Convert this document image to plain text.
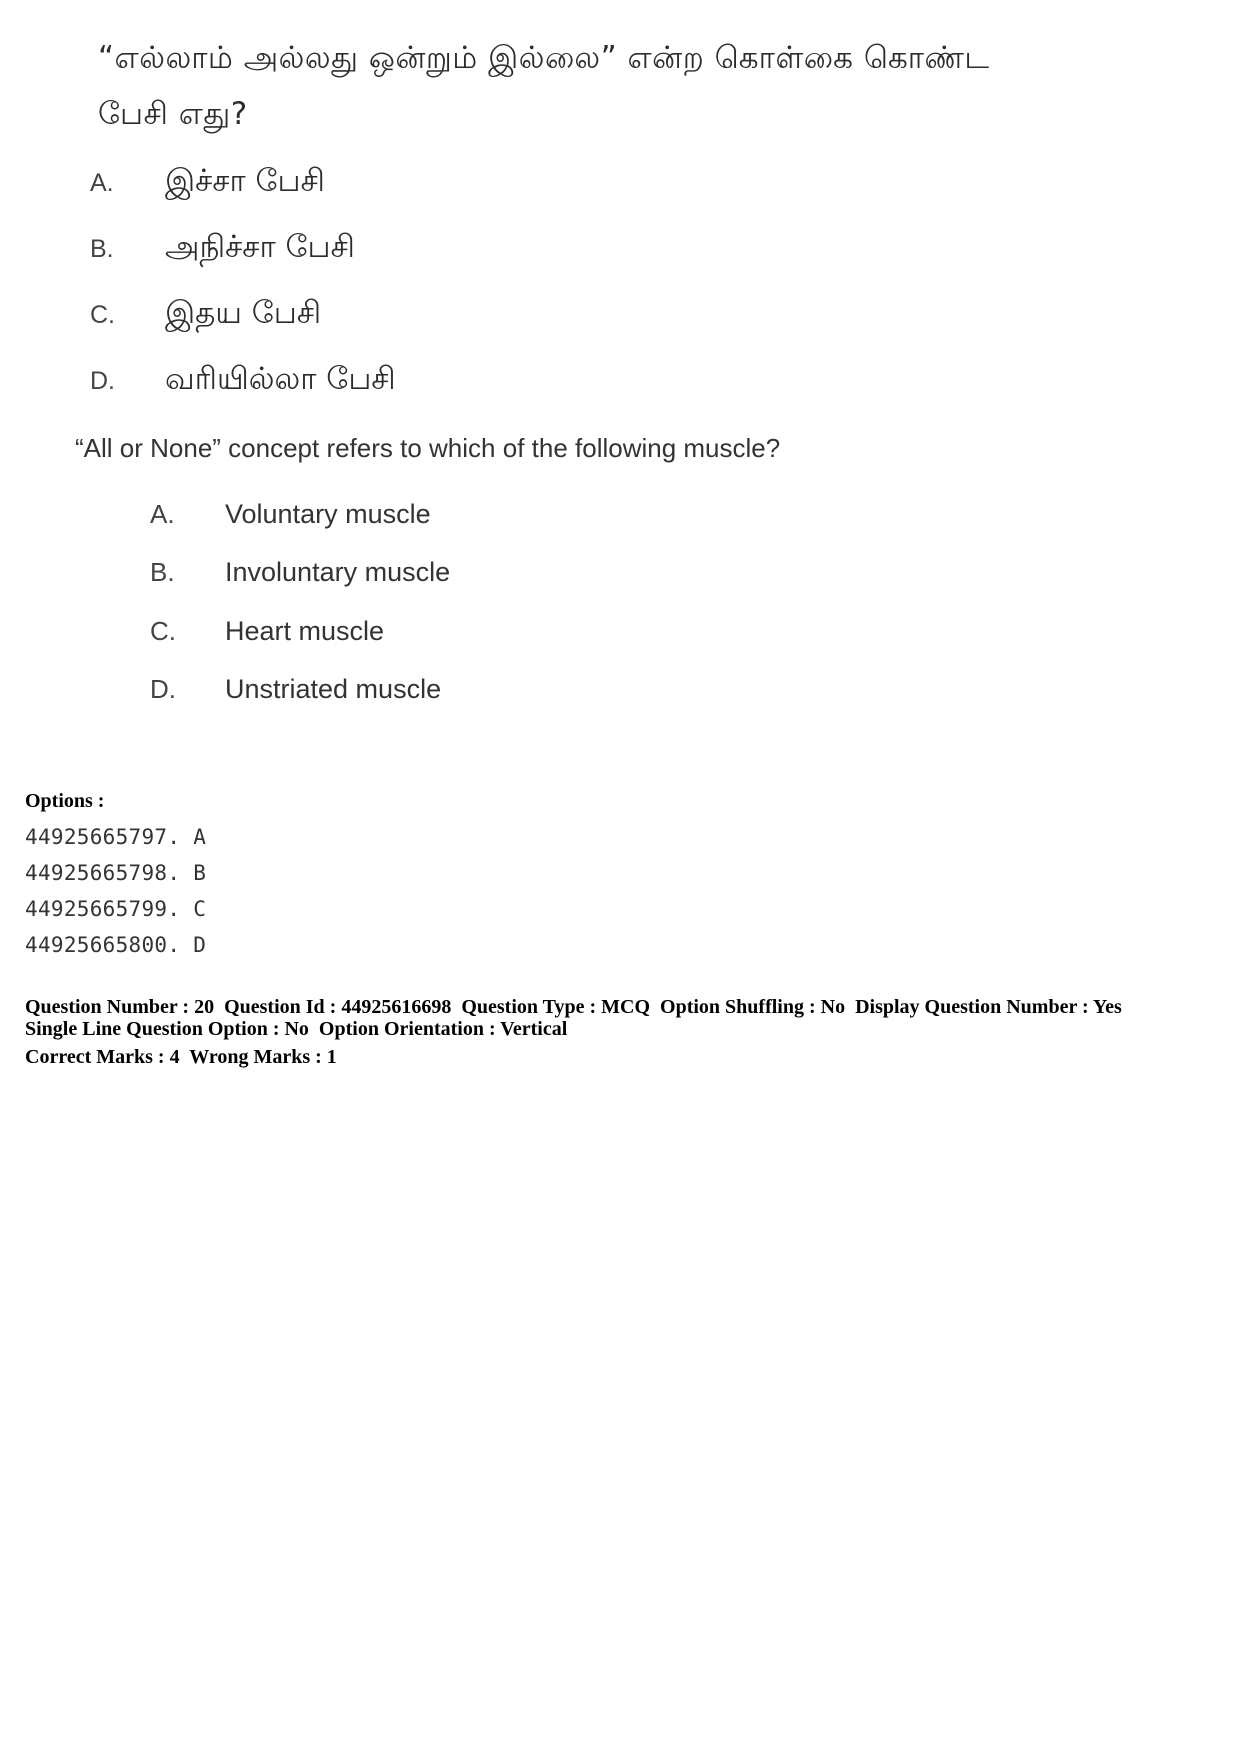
“எல்லாம் அல்லது ஒன்றும் இல்லை” என்ற கொள்கை கொண்ட
பேசி எது?
A.	இச்சா பேசி
B.	அநிச்சா பேசி
C.	இதய பேசி
D.	வரியில்லா பேசி
“All or None” concept refers to which of the following muscle?
A.	Voluntary muscle
B.	Involuntary muscle
C.	Heart muscle
D.	Unstriated muscle
Options :
44925665797. A
44925665798. B
44925665799. C
44925665800. D
Question Number : 20  Question Id : 44925616698  Question Type : MCQ  Option Shuffling : No  Display Question Number : Yes
Single Line Question Option : No  Option Orientation : Vertical
Correct Marks : 4  Wrong Marks : 1
